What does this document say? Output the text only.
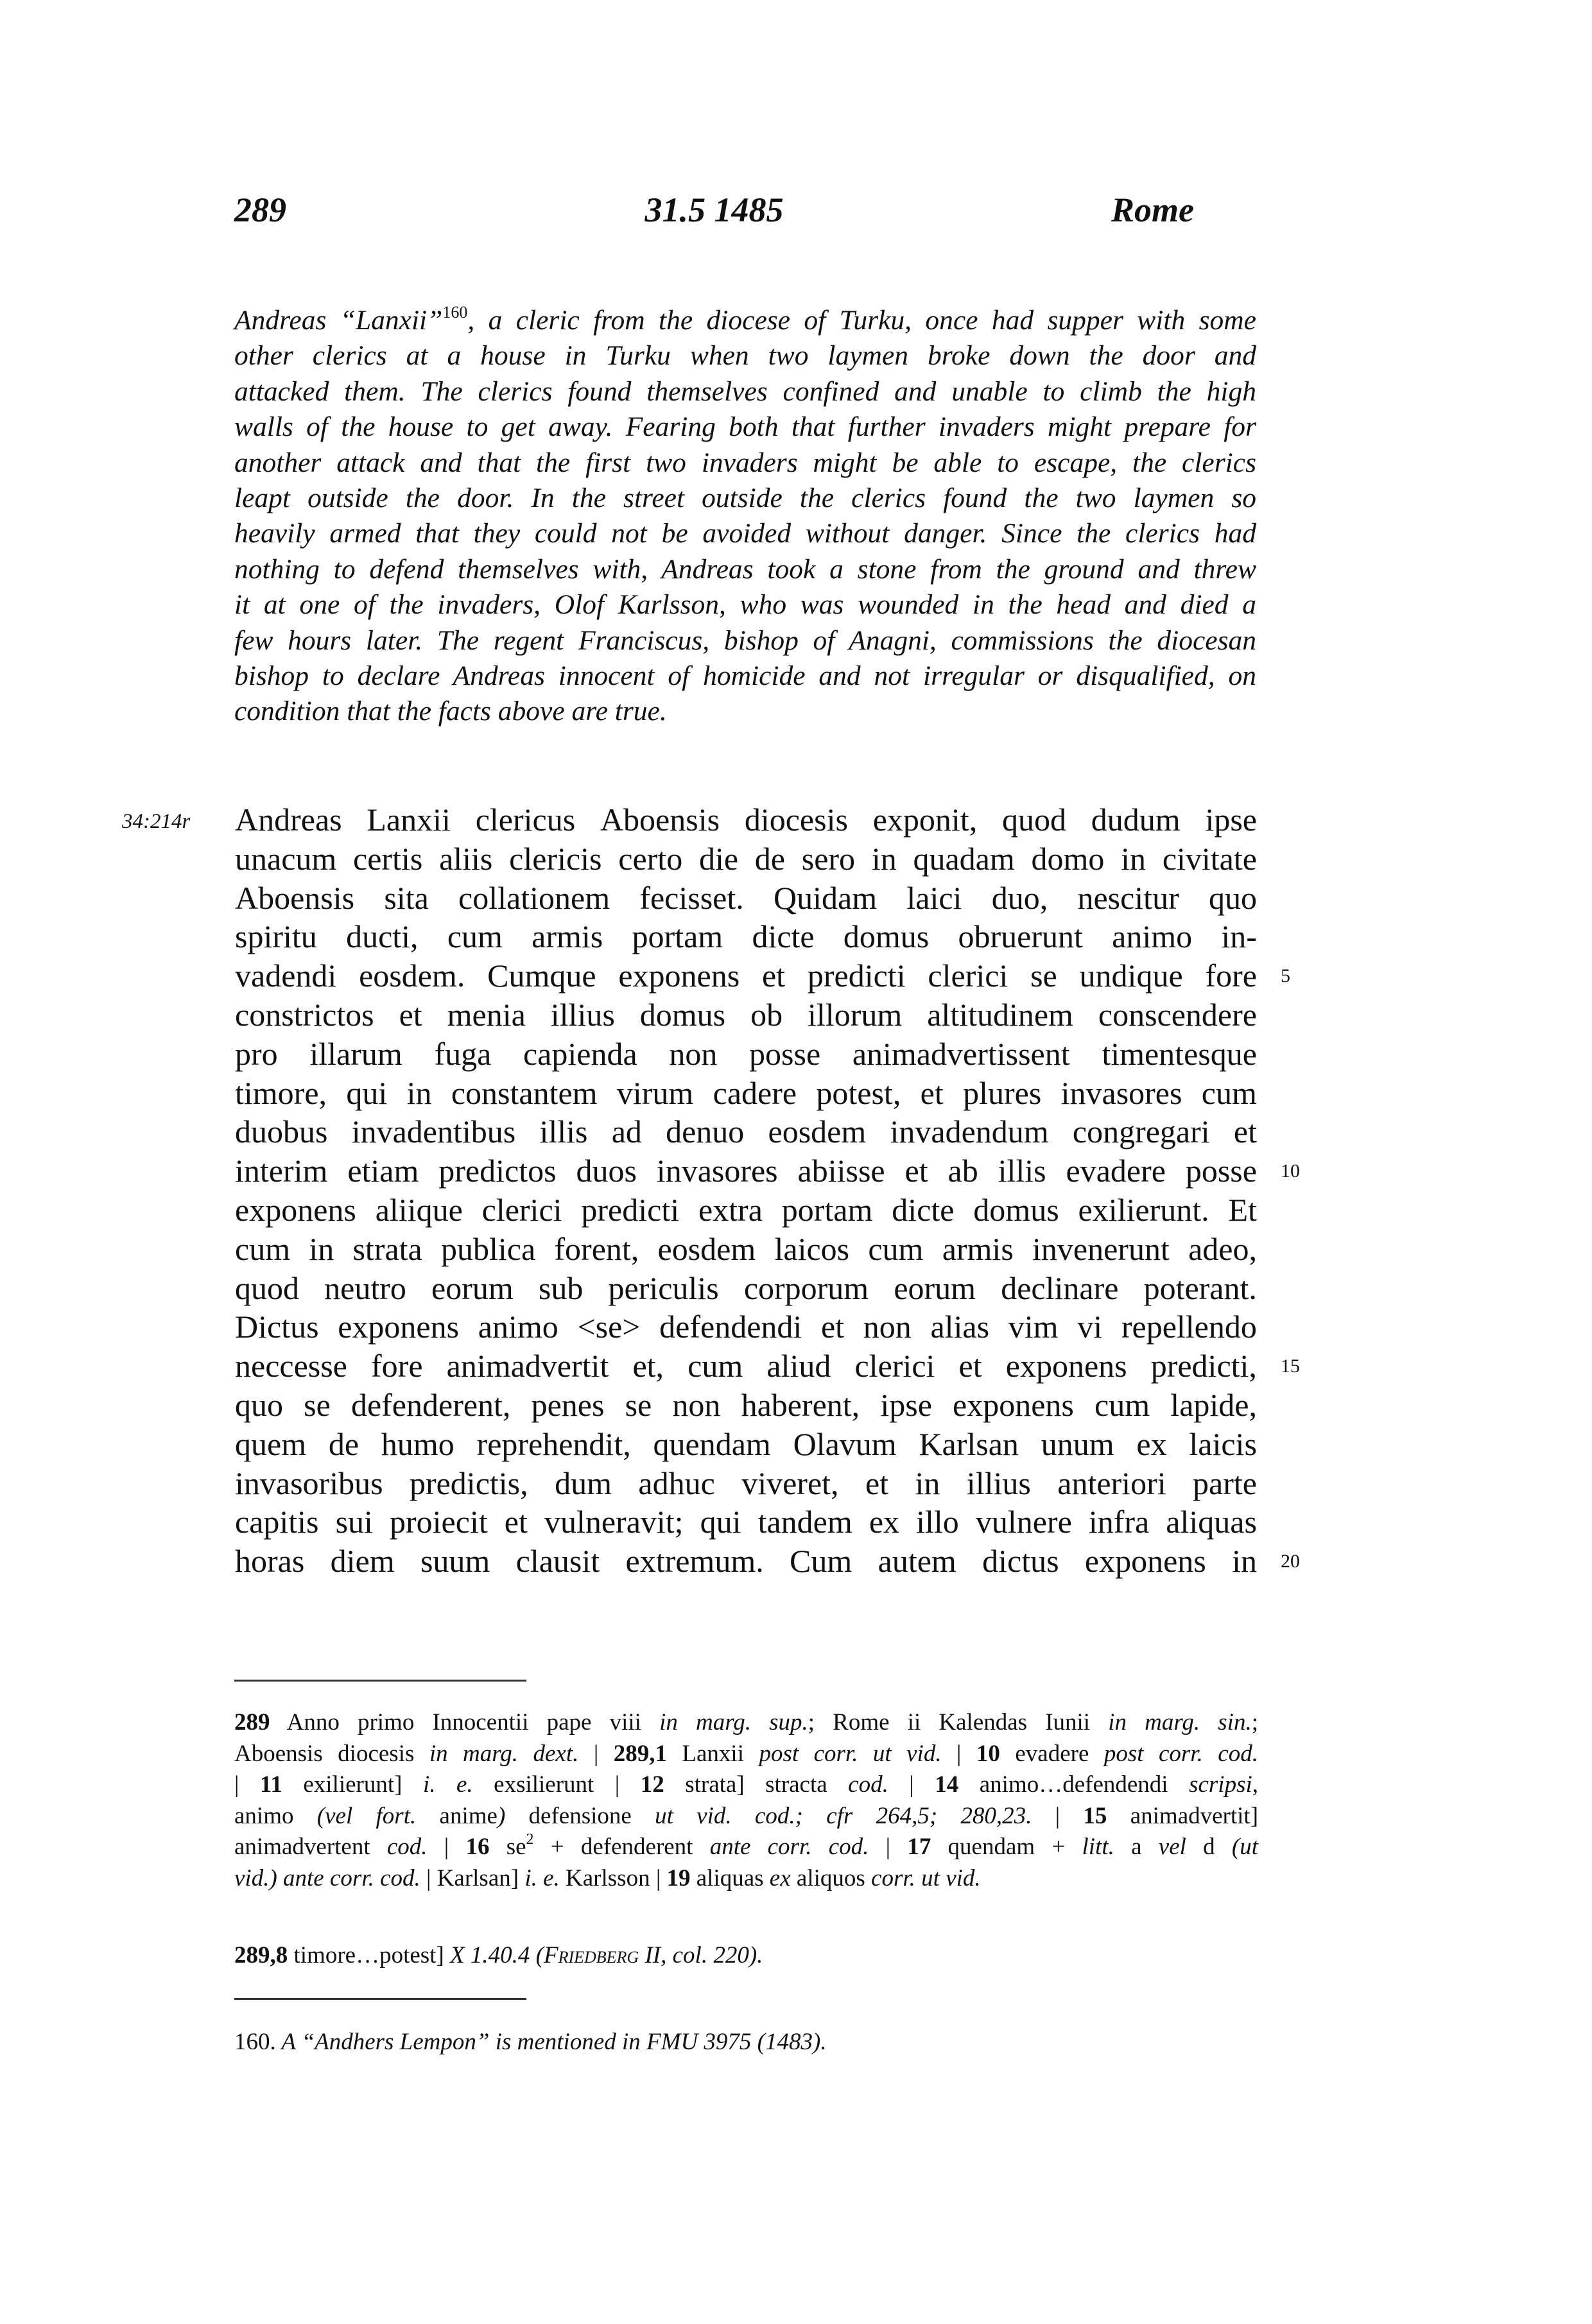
289	31.5 1485	Rome
Andreas “Lanxii”$^{160}$, a cleric from the diocese of Turku, once had supper with some
other clerics at a house in Turku when two laymen broke down the door and
attacked them. The clerics found themselves confined and unable to climb the high
walls of the house to get away. Fearing both that further invaders might prepare for
another attack and that the first two invaders might be able to escape, the clerics
leapt outside the door. In the street outside the clerics found the two laymen so
heavily armed that they could not be avoided without danger. Since the clerics had
nothing to defend themselves with, Andreas took a stone from the ground and threw
it at one of the invaders, Olof Karlsson, who was wounded in the head and died a
few hours later. The regent Franciscus, bishop of Anagni, commissions the diocesan
bishop to declare Andreas innocent of homicide and not irregular or disqualified, on
condition that the facts above are true.
34:214r Andreas Lanxii clericus Aboensis diocesis exponit, quod dudum ipse
unacum certis aliis clericis certo die de sero in quadam domo in civitate
Aboensis sita collationem fecisset. Quidam laici duo, nescitur quo
spiritu ducti, cum armis portam dicte domus obruerunt animo in-
vadendi eosdem. Cumque exponens et predicti clerici se undique fore
constrictos et menia illius domus ob illorum altitudinem conscendere
pro illarum fuga capienda non posse animadvertissent timentesque
timore, qui in constantem virum cadere potest, et plures invasores cum
duobus invadentibus illis ad denuo eosdem invadendum congregari et
interim etiam predictos duos invasores abiisse et ab illis evadere posse
exponens aliique clerici predicti extra portam dicte domus exilierunt. Et
cum in strata publica forent, eosdem laicos cum armis invenerunt adeo,
quod neutro eorum sub periculis corporum eorum declinare poterant.
Dictus exponens animo <se> defendendi et non alias vim vi repellendo
neccesse fore animadvertit et, cum aliud clerici et exponens predicti,
quo se defenderent, penes se non haberent, ipse exponens cum lapide,
quem de humo reprehendit, quendam Olavum Karlsan unum ex laicis
invasoribus predictis, dum adhuc viveret, et in illius anteriori parte
capitis sui proiecit et vulneravit; qui tandem ex illo vulnere infra aliquas
horas diem suum clausit extremum. Cum autem dictus exponens in
5
10
15
20
289 Anno primo Innocentii pape viii in marg. sup.; Rome ii Kalendas Iunii in marg. sin.;
Aboensis diocesis in marg. dext. | 289,1 Lanxii post corr. ut vid. | 10 evadere post corr. cod.
| 11 exilierunt] i. e. exsilierunt | 12 strata] stracta cod. | 14 animo…defendendi scripsi,
animo (vel fort. anime) defensione ut vid. cod.; cfr 264,5; 280,23. | 15 animadvertit]
animadvertent cod. | 16 $se^2$ + defenderent ante corr. cod. | 17 quendam + litt. a vel d (ut
vid.) ante corr. cod. | Karlsan] i. e. Karlsson | 19 aliquas ex aliquos corr. ut vid.
289,8 timore…potest] X 1.40.4 (Friedberg II, col. 220).
160. A “Andhers Lempon” is mentioned in FMU 3975 (1483).
